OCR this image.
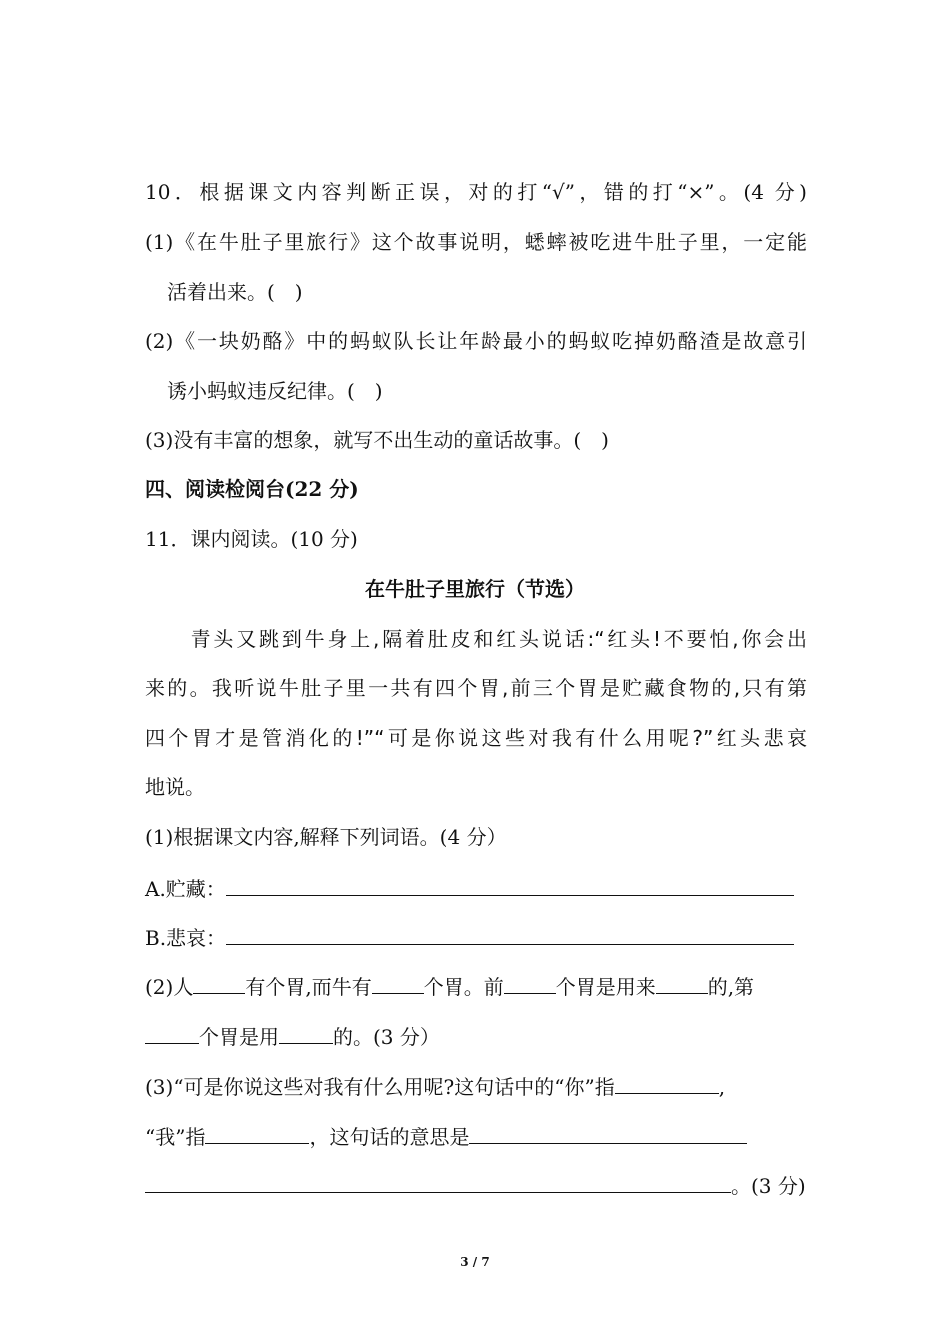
10．根据课文内容判断正误，对的打“√”，错的打“×”。(4 分)
(1)《在牛肚子里旅行》这个故事说明，蟋蟀被吃进牛肚子里，一定能
活着出来。(　)
(2)《一块奶酪》中的蚂蚁队长让年龄最小的蚂蚁吃掉奶酪渣是故意引
诱小蚂蚁违反纪律。(　)
(3)没有丰富的想象，就写不出生动的童话故事。(　)
四、阅读检阅台(22 分)
11．课内阅读。(10 分)
在牛肚子里旅行（节选）
　　青头又跳到牛身上,隔着肚皮和红头说话:“红头!不要怕,你会出
来的。我听说牛肚子里一共有四个胃,前三个胃是贮藏食物的,只有第
四个胃才是管消化的!”“可是你说这些对我有什么用呢?”红头悲哀
地说。
(1)根据课文内容,解释下列词语。(4 分）
A.贮藏：
B.悲哀：
(2)人	有个胃,而牛有	个胃。前	个胃是用来	的,第
个胃是用	的。(3 分）
(3)“可是你说这些对我有什么用呢?这句话中的“你”指	,
“我”指	，这句话的意思是
。(3 分)
3 / 7
